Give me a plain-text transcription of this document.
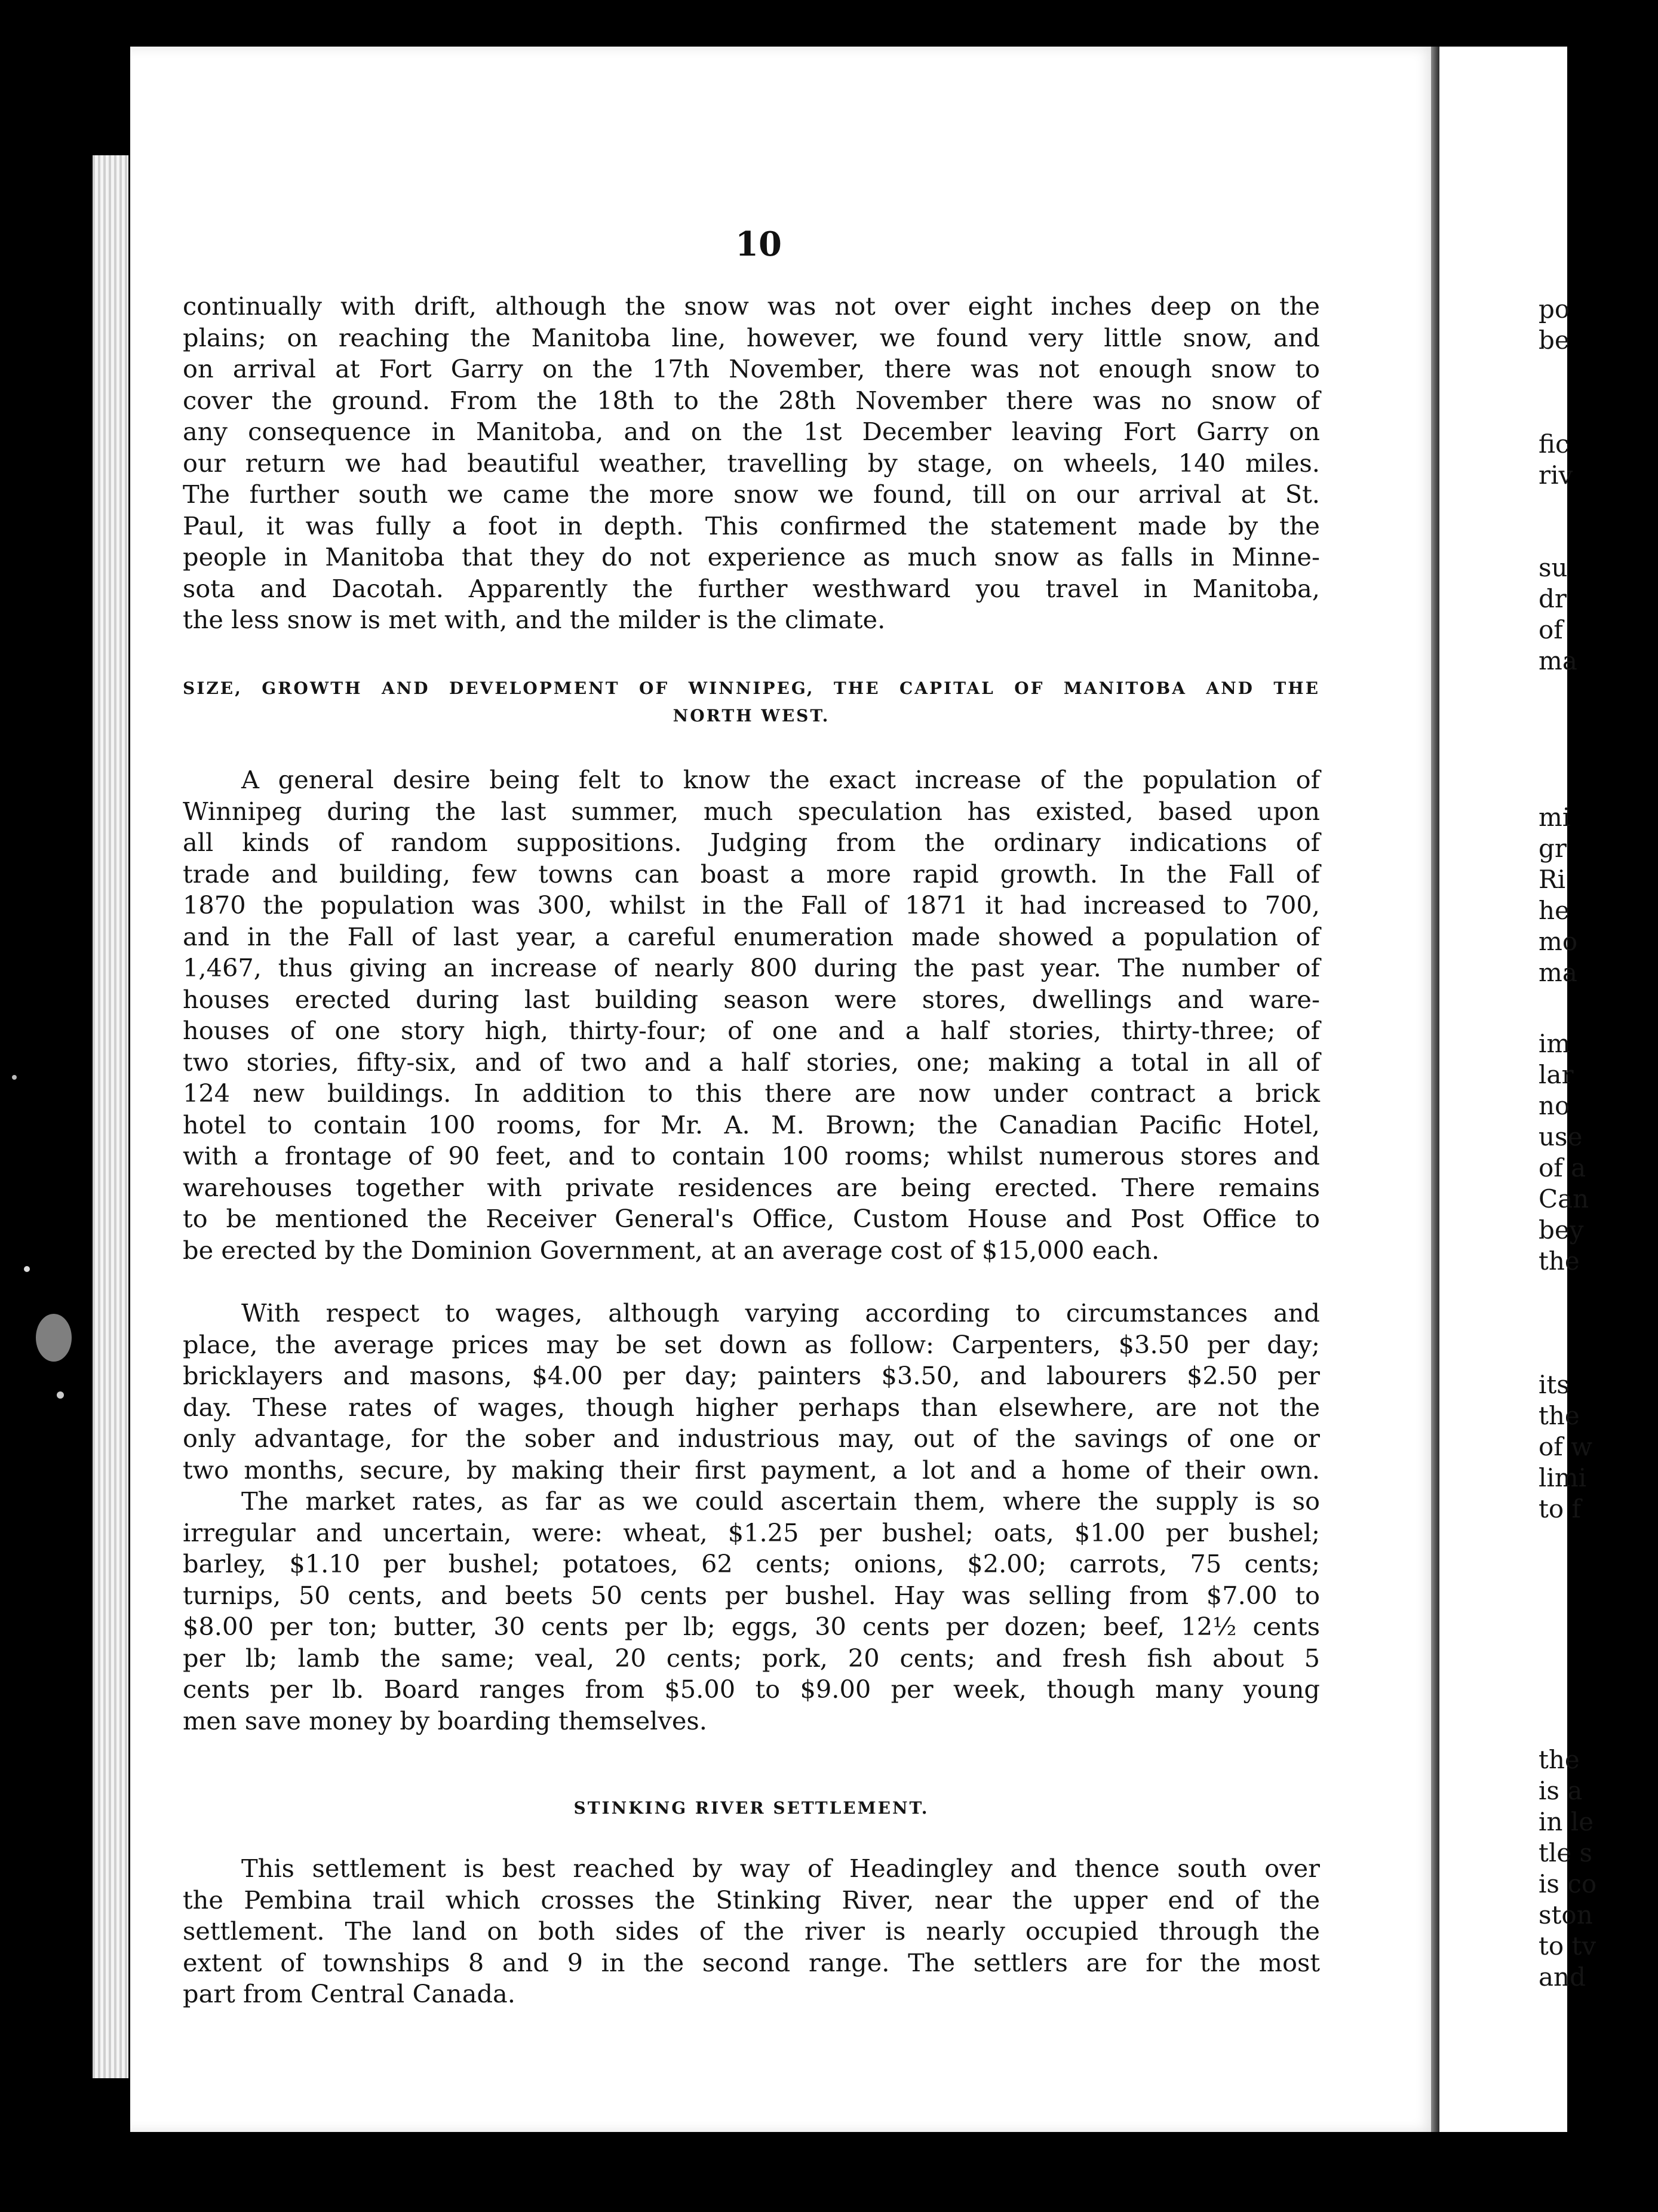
10
continually with drift, although the snow was not over eight inches deep on the
plains; on reaching the Manitoba line, however, we found very little snow, and
on arrival at Fort Garry on the 17th November, there was not enough snow to
cover the ground. From the 18th to the 28th November there was no snow of
any consequence in Manitoba, and on the 1st December leaving Fort Garry on
our return we had beautiful weather, travelling by stage, on wheels, 140 miles.
The further south we came the more snow we found, till on our arrival at St.
Paul, it was fully a foot in depth. This confirmed the statement made by the
people in Manitoba that they do not experience as much snow as falls in Minne-
sota and Dacotah. Apparently the further westhward you travel in Manitoba,
the less snow is met with, and the milder is the climate.
SIZE, GROWTH AND DEVELOPMENT OF WINNIPEG, THE CAPITAL OF MANITOBA AND THE
NORTH WEST.
A general desire being felt to know the exact increase of the population of
Winnipeg during the last summer, much speculation has existed, based upon
all kinds of random suppositions. Judging from the ordinary indications of
trade and building, few towns can boast a more rapid growth. In the Fall of
1870 the population was 300, whilst in the Fall of 1871 it had increased to 700,
and in the Fall of last year, a careful enumeration made showed a population of
1,467, thus giving an increase of nearly 800 during the past year. The number of
houses erected during last building season were stores, dwellings and ware-
houses of one story high, thirty-four; of one and a half stories, thirty-three; of
two stories, fifty-six, and of two and a half stories, one; making a total in all of
124 new buildings. In addition to this there are now under contract a brick
hotel to contain 100 rooms, for Mr. A. M. Brown; the Canadian Pacific Hotel,
with a frontage of 90 feet, and to contain 100 rooms; whilst numerous stores and
warehouses together with private residences are being erected. There remains
to be mentioned the Receiver General's Office, Custom House and Post Office to
be erected by the Dominion Government, at an average cost of $15,000 each.
With respect to wages, although varying according to circumstances and
place, the average prices may be set down as follow: Carpenters, $3.50 per day;
bricklayers and masons, $4.00 per day; painters $3.50, and labourers $2.50 per
day. These rates of wages, though higher perhaps than elsewhere, are not the
only advantage, for the sober and industrious may, out of the savings of one or
two months, secure, by making their first payment, a lot and a home of their own.
The market rates, as far as we could ascertain them, where the supply is so
irregular and uncertain, were: wheat, $1.25 per bushel; oats, $1.00 per bushel;
barley, $1.10 per bushel; potatoes, 62 cents; onions, $2.00; carrots, 75 cents;
turnips, 50 cents, and beets 50 cents per bushel. Hay was selling from $7.00 to
$8.00 per ton; butter, 30 cents per lb; eggs, 30 cents per dozen; beef, 12½ cents
per lb; lamb the same; veal, 20 cents; pork, 20 cents; and fresh fish about 5
cents per lb. Board ranges from $5.00 to $9.00 per week, though many young
men save money by boarding themselves.
STINKING RIVER SETTLEMENT.
This settlement is best reached by way of Headingley and thence south over
the Pembina trail which crosses the Stinking River, near the upper end of the
settlement. The land on both sides of the river is nearly occupied through the
extent of townships 8 and 9 in the second range. The settlers are for the most
part from Central Canada.
po
be
fic
riv
su
dr
of
ma
mi
gr
Ri
he
mo
ma
im
lar
no
use
of a
Can
bey
the
its
the
of w
limi
to f
the
is a
in le
tle s
is co
ston
to tv
and
